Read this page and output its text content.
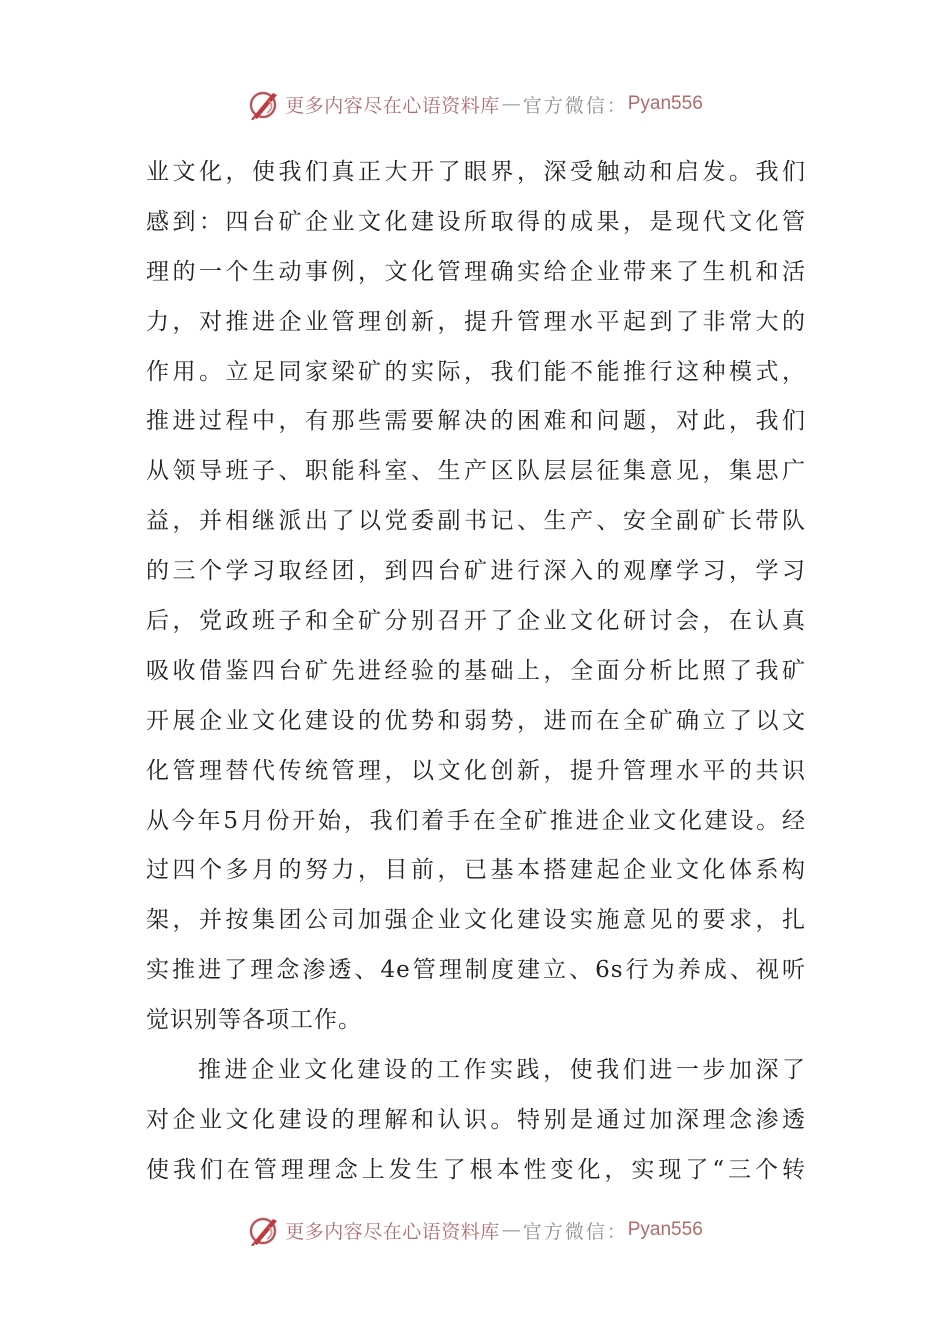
更多内容尽在心语资料库 — 官方微信： Pyan556
业文化，使我们真正大开了眼界，深受触动和启发。我们
感到：四台矿企业文化建设所取得的成果，是现代文化管
理的一个生动事例，文化管理确实给企业带来了生机和活
力，对推进企业管理创新，提升管理水平起到了非常大的
作用。立足同家梁矿的实际，我们能不能推行这种模式，
推进过程中，有那些需要解决的困难和问题，对此，我们
从领导班子、职能科室、生产区队层层征集意见，集思广
益，并相继派出了以党委副书记、生产、安全副矿长带队
的三个学习取经团，到四台矿进行深入的观摩学习，学习
后，党政班子和全矿分别召开了企业文化研讨会，在认真
吸收借鉴四台矿先进经验的基础上，全面分析比照了我矿
开展企业文化建设的优势和弱势，进而在全矿确立了以文
化管理替代传统管理，以文化创新，提升管理水平的共识
从今年5月份开始，我们着手在全矿推进企业文化建设。经
过四个多月的努力，目前，已基本搭建起企业文化体系构
架，并按集团公司加强企业文化建设实施意见的要求，扎
实推进了理念渗透、4e管理制度建立、6s行为养成、视听
觉识别等各项工作。
推进企业文化建设的工作实践，使我们进一步加深了
对企业文化建设的理解和认识。特别是通过加深理念渗透
使我们在管理理念上发生了根本性变化，实现了“三个转
更多内容尽在心语资料库 — 官方微信： Pyan556
